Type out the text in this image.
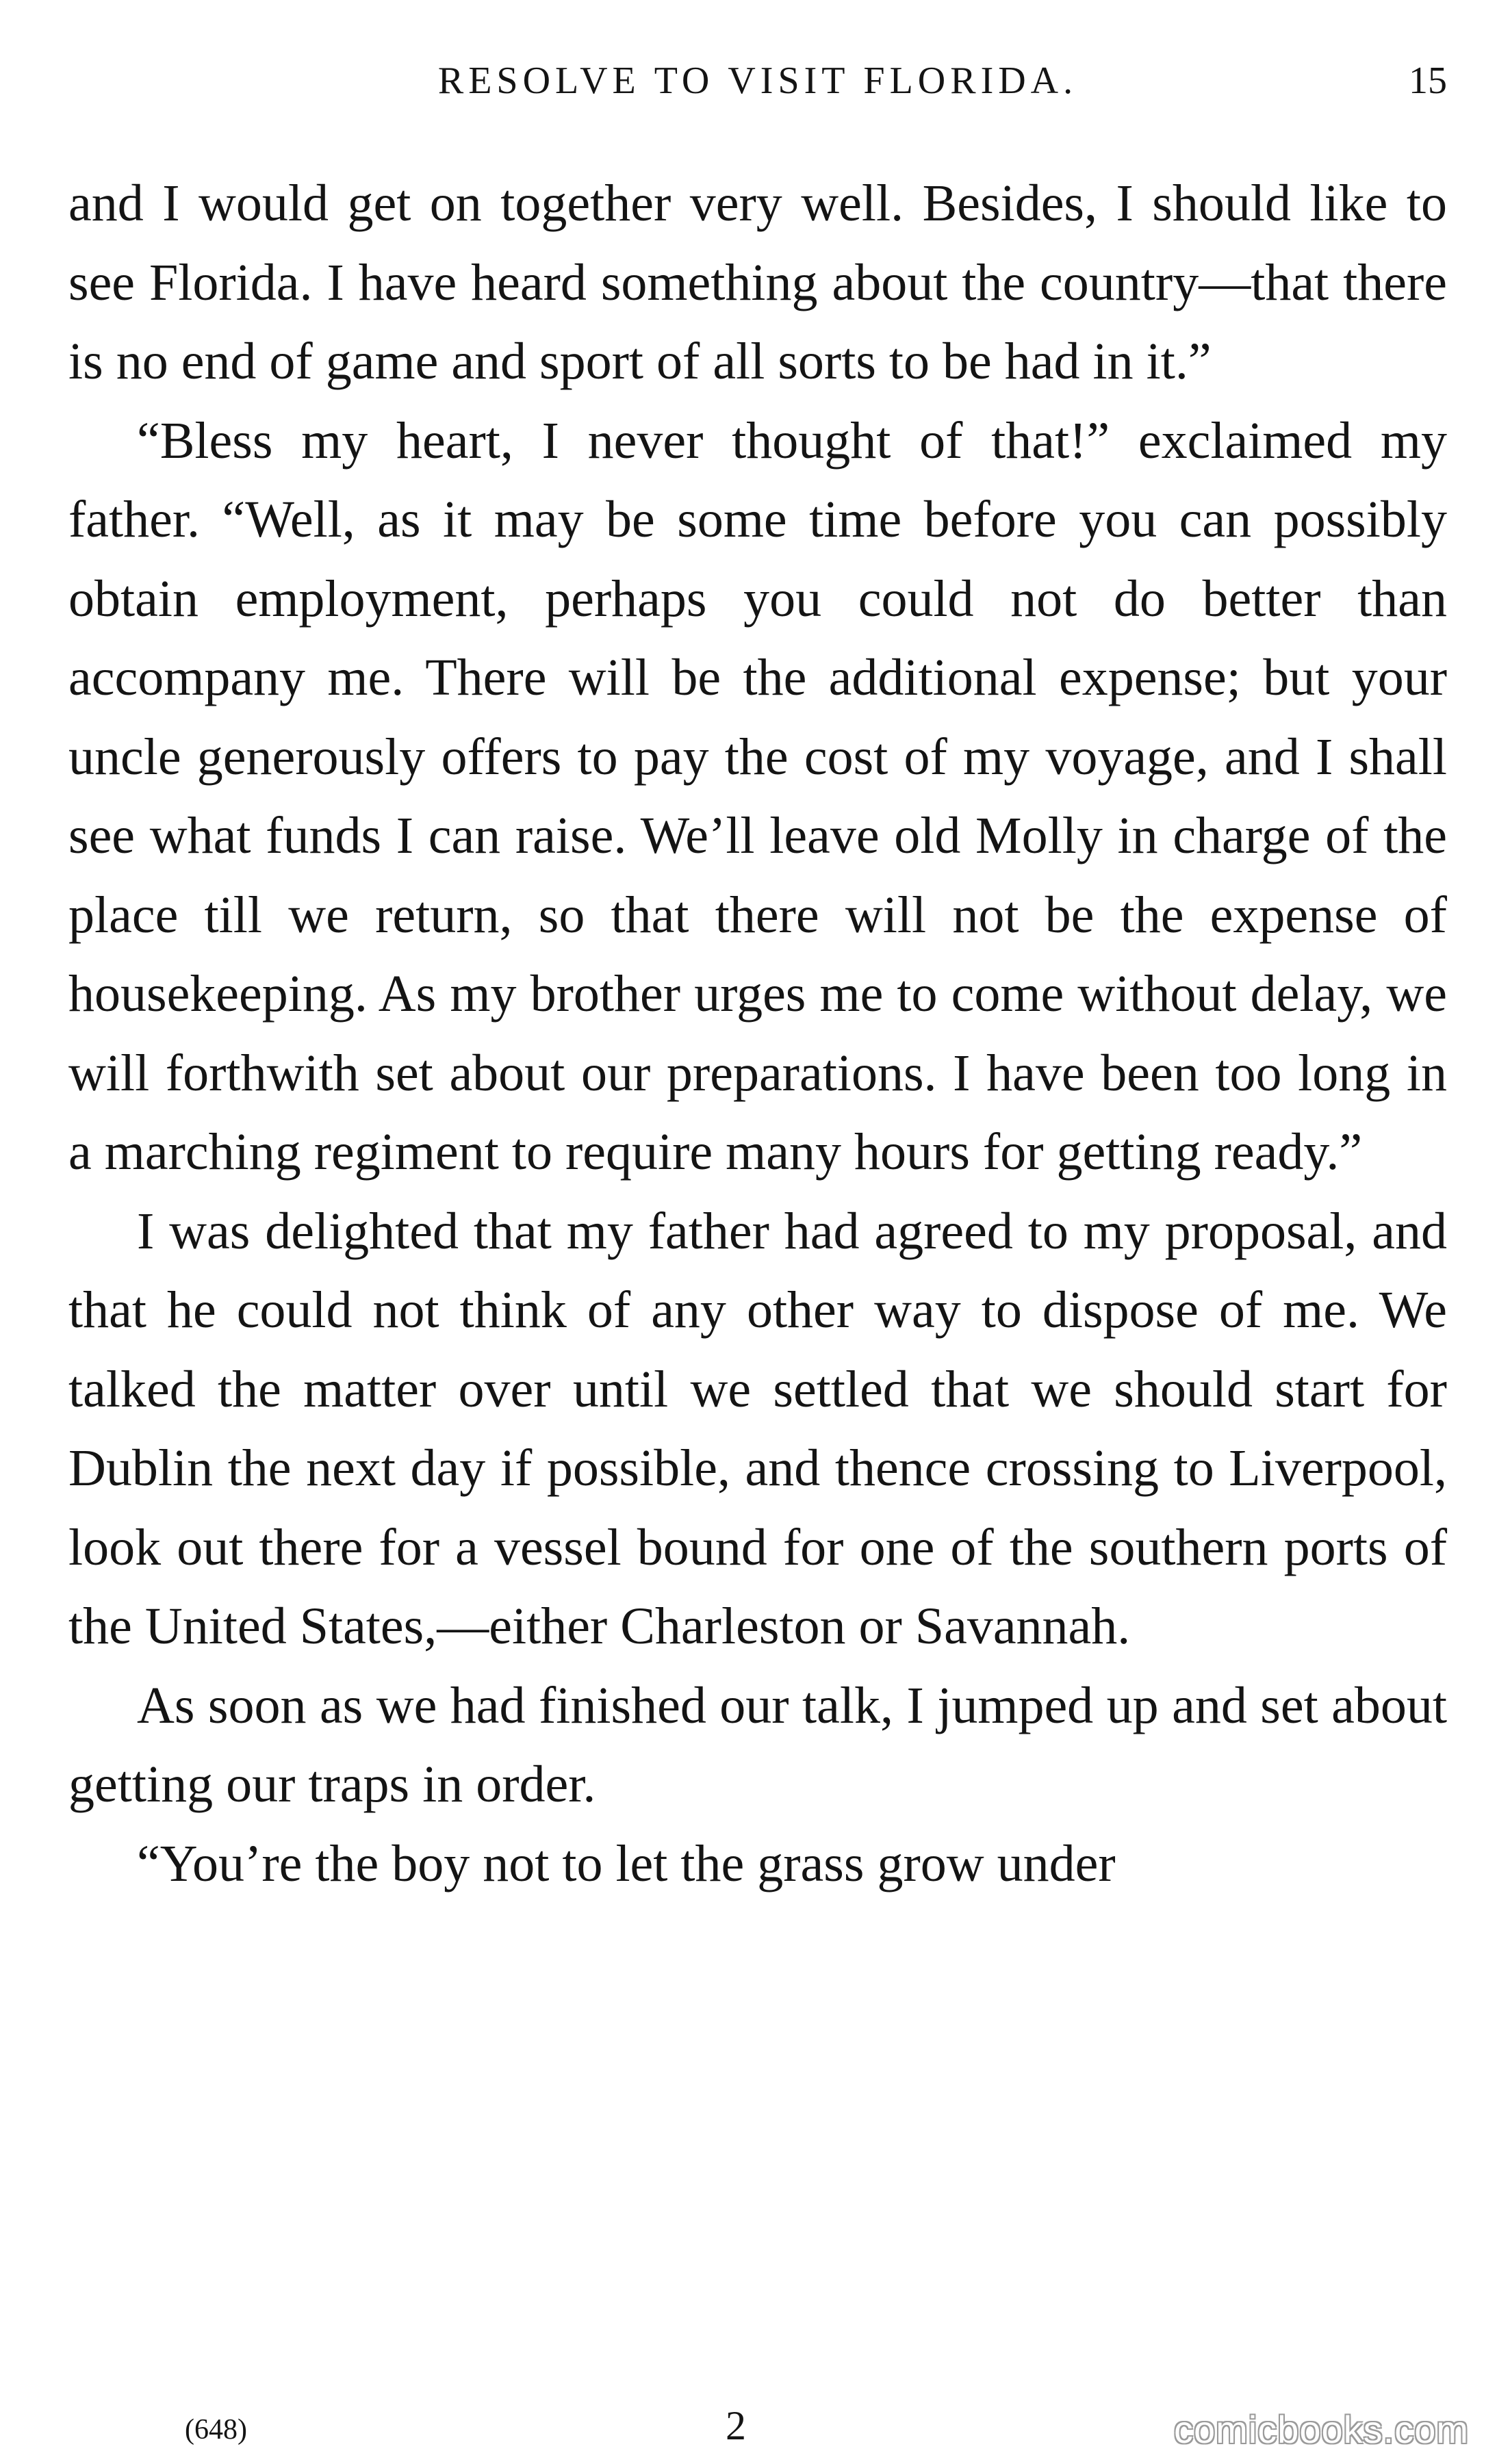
RESOLVE TO VISIT FLORIDA.	15

and I would get on together very well. Besides, I should like to see Florida. I have heard something about the country—that there is no end of game and sport of all sorts to be had in it.”

“Bless my heart, I never thought of that!” exclaimed my father. “Well, as it may be some time before you can possibly obtain employment, perhaps you could not do better than accompany me. There will be the additional expense; but your uncle generously offers to pay the cost of my voyage, and I shall see what funds I can raise. We’ll leave old Molly in charge of the place till we return, so that there will not be the expense of housekeeping. As my brother urges me to come without delay, we will forthwith set about our preparations. I have been too long in a marching regiment to require many hours for getting ready.”

I was delighted that my father had agreed to my proposal, and that he could not think of any other way to dispose of me. We talked the matter over until we settled that we should start for Dublin the next day if possible, and thence crossing to Liverpool, look out there for a vessel bound for one of the southern ports of the United States,—either Charleston or Savannah.

As soon as we had finished our talk, I jumped up and set about getting our traps in order.

“You’re the boy not to let the grass grow under

(648)	2	comicbooks.com
